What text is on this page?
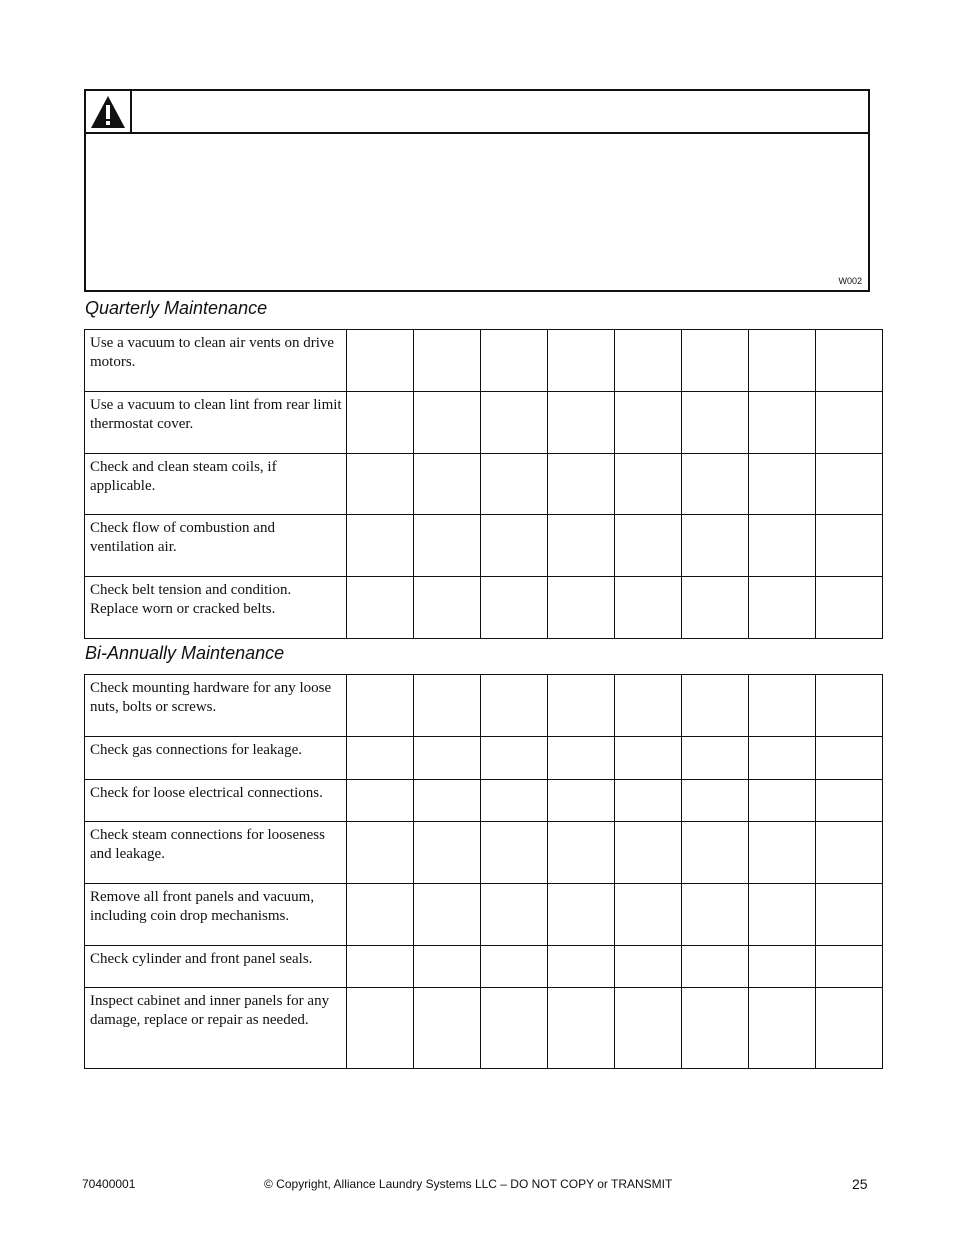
W002
Quarterly Maintenance
Use a vacuum to clean air vents on drive motors.								
Use a vacuum to clean lint from rear limit thermostat cover.								
Check and clean steam coils, if applicable.								
Check flow of combustion and ventilation air.								
Check belt tension and condition. Replace worn or cracked belts.								
Bi-Annually Maintenance
Check mounting hardware for any loose nuts, bolts or screws.								
Check gas connections for leakage.								
Check for loose electrical connections.								
Check steam connections for looseness and leakage.								
Remove all front panels and vacuum, including coin drop mechanisms.								
Check cylinder and front panel seals.								
Inspect cabinet and inner panels for any damage, replace or repair as needed.								
70400001	© Copyright, Alliance Laundry Systems LLC – DO NOT COPY or TRANSMIT	25
